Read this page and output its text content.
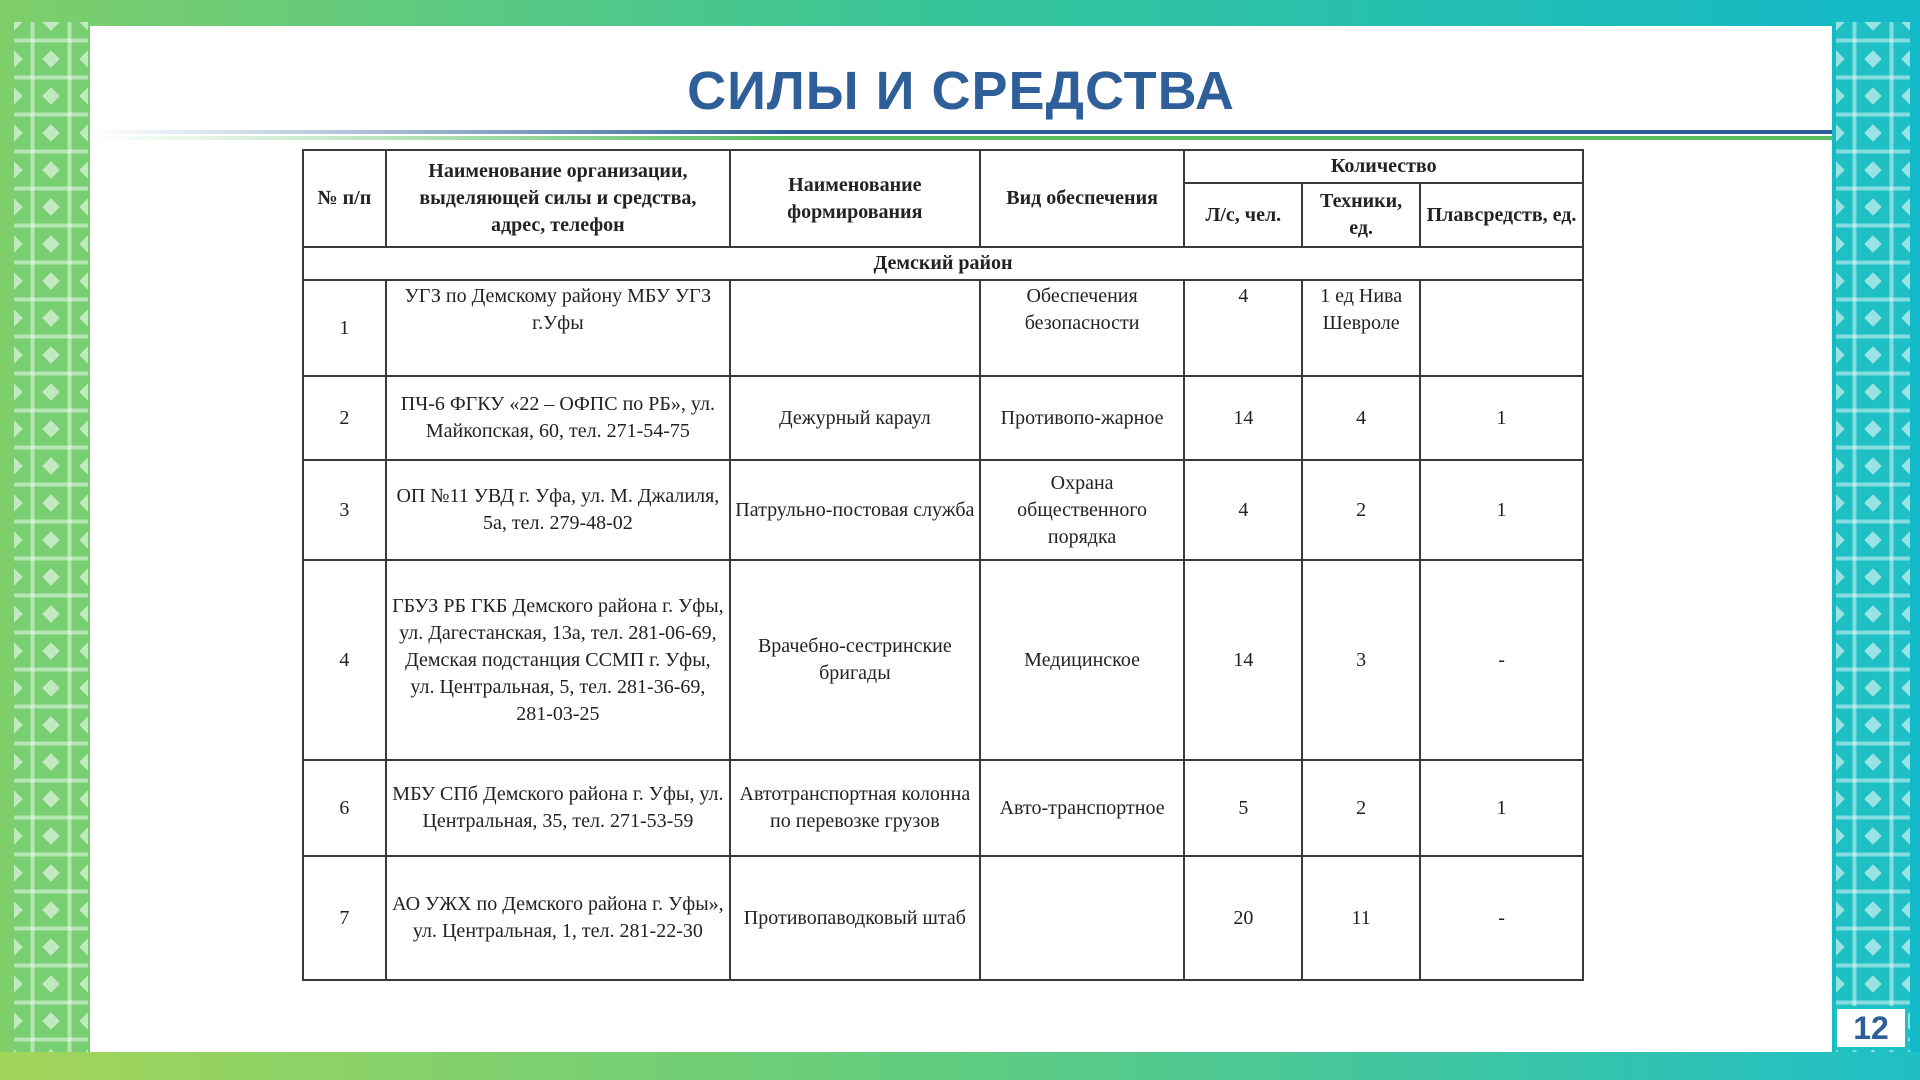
СИЛЫ И СРЕДСТВА
№ п/п	Наименование организации, выделяющей силы и средства, адрес, телефон	Наименование формирования	Вид обеспечения	Количество		
				Л/с, чел.	Техники, ед.	Плавсредств, ед.
Демский район						
1	УГЗ по Демскому району МБУ УГЗ г.Уфы		Обеспечения безопасности	4	1 ед Нива Шевроле	
2	ПЧ-6 ФГКУ «22 – ОФПС по РБ», ул. Майкопская, 60, тел. 271-54-75	Дежурный караул	Противопо-жарное	14	4	1
3	ОП №11 УВД г. Уфа, ул. М. Джалиля, 5а, тел. 279-48-02	Патрульно-постовая служба	Охрана общественного порядка	4	2	1
4	ГБУЗ РБ ГКБ Демского района г. Уфы, ул. Дагестанская, 13а, тел. 281-06-69, Демская подстанция ССМП г. Уфы, ул. Центральная, 5, тел. 281-36-69, 281-03-25	Врачебно-сестринские бригады	Медицинское	14	3	-
6	МБУ СПб Демского района г. Уфы, ул. Центральная, 35, тел. 271-53-59	Автотранспортная колонна по перевозке грузов	Авто-транспортное	5	2	1
7	АО УЖХ по Демского района г. Уфы», ул. Центральная, 1, тел. 281-22-30	Противопаводковый штаб		20	11	-
12
